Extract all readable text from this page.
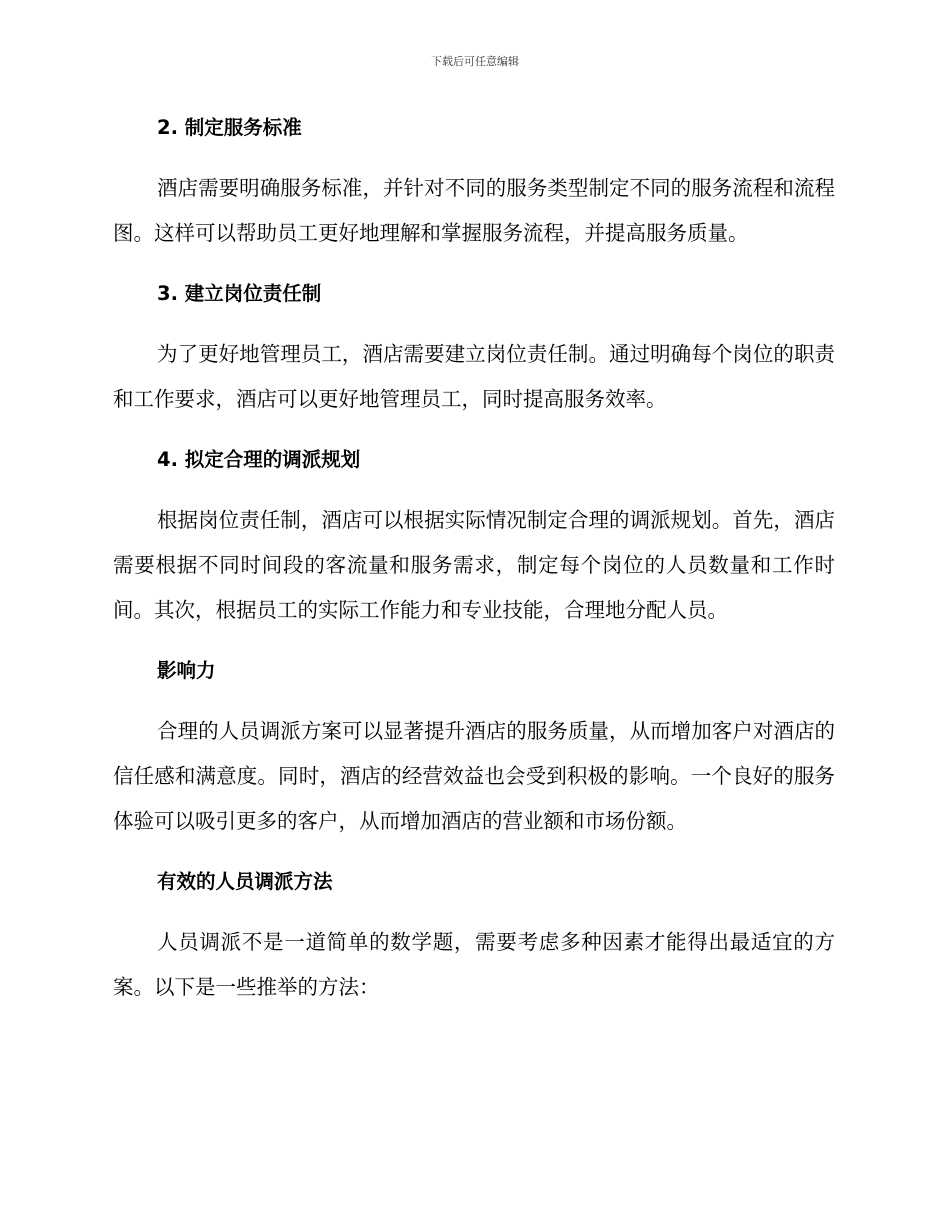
下载后可任意编辑
2. 制定服务标准

酒店需要明确服务标准，并针对不同的服务类型制定不同的服务流程和流程图。这样可以帮助员工更好地理解和掌握服务流程，并提高服务质量。

3. 建立岗位责任制

为了更好地管理员工，酒店需要建立岗位责任制。通过明确每个岗位的职责和工作要求，酒店可以更好地管理员工，同时提高服务效率。

4. 拟定合理的调派规划

根据岗位责任制，酒店可以根据实际情况制定合理的调派规划。首先，酒店需要根据不同时间段的客流量和服务需求，制定每个岗位的人员数量和工作时间。其次，根据员工的实际工作能力和专业技能，合理地分配人员。

影响力

合理的人员调派方案可以显著提升酒店的服务质量，从而增加客户对酒店的信任感和满意度。同时，酒店的经营效益也会受到积极的影响。一个良好的服务体验可以吸引更多的客户，从而增加酒店的营业额和市场份额。

有效的人员调派方法

人员调派不是一道简单的数学题，需要考虑多种因素才能得出最适宜的方案。以下是一些推举的方法：
